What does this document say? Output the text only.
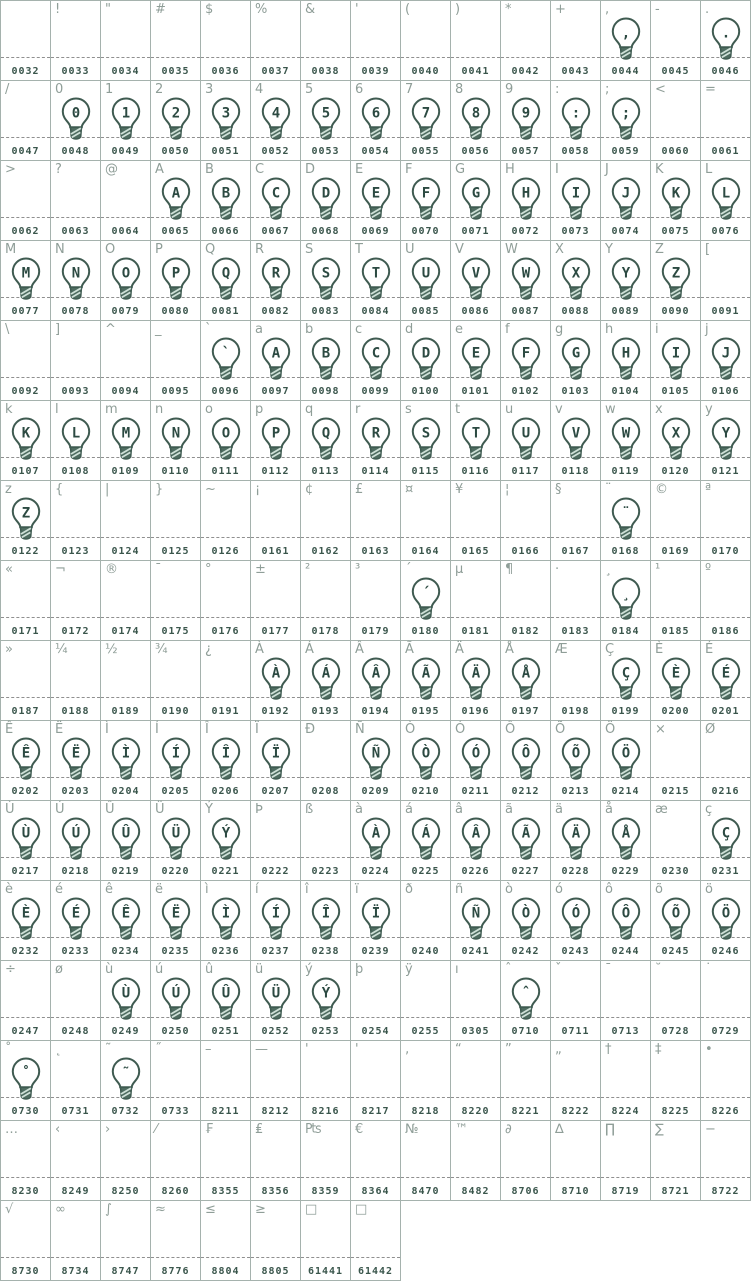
0032
!
0033
"
0034
#
0035
$
0036
%
0037
&
0038
'
0039
(
0040
)
0041
*
0042
+
0043
,
,
0044
-
0045
.
.
0046
/
0047
0
0
0048
1
1
0049
2
2
0050
3
3
0051
4
4
0052
5
5
0053
6
6
0054
7
7
0055
8
8
0056
9
9
0057
:
:
0058
;
;
0059
<
0060
=
0061
>
0062
?
0063
@
0064
A
A
0065
B
B
0066
C
C
0067
D
D
0068
E
E
0069
F
F
0070
G
G
0071
H
H
0072
I
I
0073
J
J
0074
K
K
0075
L
L
0076
M
M
0077
N
N
0078
O
O
0079
P
P
0080
Q
Q
0081
R
R
0082
S
S
0083
T
T
0084
U
U
0085
V
V
0086
W
W
0087
X
X
0088
Y
Y
0089
Z
Z
0090
[
0091
\
0092
]
0093
^
0094
_
0095
`
`
0096
a
A
0097
b
B
0098
c
C
0099
d
D
0100
e
E
0101
f
F
0102
g
G
0103
h
H
0104
i
I
0105
j
J
0106
k
K
0107
l
L
0108
m
M
0109
n
N
0110
o
O
0111
p
P
0112
q
Q
0113
r
R
0114
s
S
0115
t
T
0116
u
U
0117
v
V
0118
w
W
0119
x
X
0120
y
Y
0121
z
Z
0122
{
0123
|
0124
}
0125
~
0126
¡
0161
¢
0162
£
0163
¤
0164
¥
0165
¦
0166
§
0167
¨
¨
0168
©
0169
ª
0170
«
0171
¬
0172
®
0174
¯
0175
°
0176
±
0177
²
0178
³
0179
´
´
0180
µ
0181
¶
0182
·
0183
¸
¸
0184
¹
0185
º
0186
»
0187
¼
0188
½
0189
¾
0190
¿
0191
À
À
0192
Á
Á
0193
Â
Â
0194
Ã
Ã
0195
Ä
Ä
0196
Å
Å
0197
Æ
0198
Ç
Ç
0199
È
È
0200
É
É
0201
Ê
Ê
0202
Ë
Ë
0203
Ì
Ì
0204
Í
Í
0205
Î
Î
0206
Ï
Ï
0207
Ð
0208
Ñ
Ñ
0209
Ò
Ò
0210
Ó
Ó
0211
Ô
Ô
0212
Õ
Õ
0213
Ö
Ö
0214
×
0215
Ø
0216
Ù
Ù
0217
Ú
Ú
0218
Û
Û
0219
Ü
Ü
0220
Ý
Ý
0221
Þ
0222
ß
0223
à
À
0224
á
Á
0225
â
Â
0226
ã
Ã
0227
ä
Ä
0228
å
Å
0229
æ
0230
ç
Ç
0231
è
È
0232
é
É
0233
ê
Ê
0234
ë
Ë
0235
ì
Ì
0236
í
Í
0237
î
Î
0238
ï
Ï
0239
ð
0240
ñ
Ñ
0241
ò
Ò
0242
ó
Ó
0243
ô
Ô
0244
õ
Õ
0245
ö
Ö
0246
÷
0247
ø
0248
ù
Ù
0249
ú
Ú
0250
û
Û
0251
ü
Ü
0252
ý
Ý
0253
þ
0254
ÿ
0255
ı
0305
ˆ
ˆ
0710
ˇ
0711
ˉ
0713
˘
0728
˙
0729
˚
˚
0730
˛
0731
˜
˜
0732
˝
0733
–
8211
—
8212
'
8216
'
8217
‚
8218
“
8220
”
8221
„
8222
†
8224
‡
8225
•
8226
…
8230
‹
8249
›
8250
⁄
8260
₣
8355
₤
8356
₧
8359
€
8364
№
8470
™
8482
∂
8706
∆
8710
∏
8719
∑
8721
−
8722
√
8730
∞
8734
∫
8747
≈
8776
≤
8804
≥
8805
□
61441
□
61442
